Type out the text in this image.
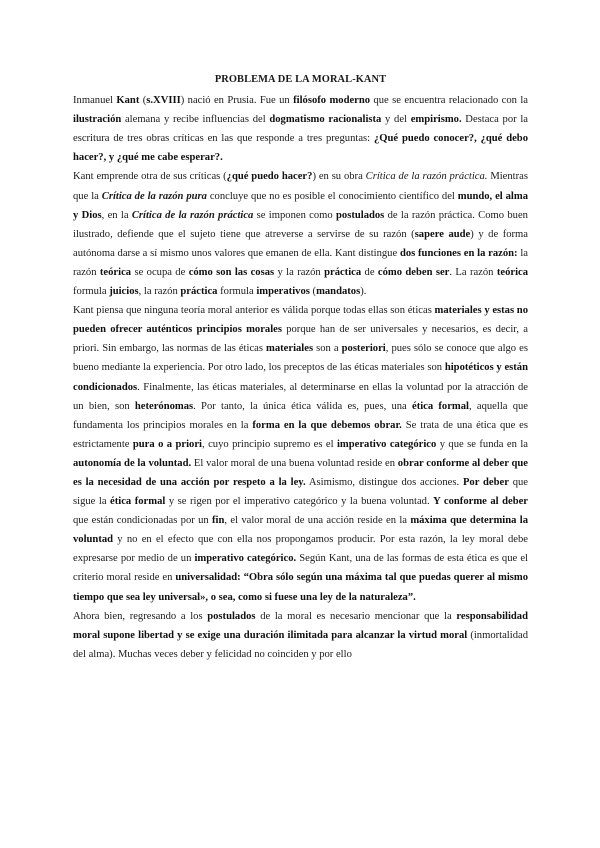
PROBLEMA DE LA MORAL-KANT

Inmanuel Kant (s.XVIII) nació en Prusia. Fue un filósofo moderno que se encuentra relacionado con la ilustración alemana y recibe influencias del dogmatismo racionalista y del empirismo. Destaca por la escritura de tres obras críticas en las que responde a tres preguntas: ¿Qué puedo conocer?, ¿qué debo hacer?, y ¿qué me cabe esperar?.

Kant emprende otra de sus críticas (¿qué puedo hacer?) en su obra Crítica de la razón práctica. Mientras que la Crítica de la razón pura concluye que no es posible el conocimiento científico del mundo, el alma y Dios, en la Crítica de la razón práctica se imponen como postulados de la razón práctica. Como buen ilustrado, defiende que el sujeto tiene que atreverse a servirse de su razón (sapere aude) y de forma autónoma darse a sí mismo unos valores que emanen de ella. Kant distingue dos funciones en la razón: la razón teórica se ocupa de cómo son las cosas y la razón práctica de cómo deben ser. La razón teórica formula juicios, la razón práctica formula imperativos (mandatos).

Kant piensa que ninguna teoría moral anterior es válida porque todas ellas son éticas materiales y estas no pueden ofrecer auténticos principios morales porque han de ser universales y necesarios, es decir, a priori. Sin embargo, las normas de las éticas materiales son a posteriori, pues sólo se conoce que algo es bueno mediante la experiencia. Por otro lado, los preceptos de las éticas materiales son hipotéticos y están condicionados. Finalmente, las éticas materiales, al determinarse en ellas la voluntad por la atracción de un bien, son heterónomas. Por tanto, la única ética válida es, pues, una ética formal, aquella que fundamenta los principios morales en la forma en la que debemos obrar. Se trata de una ética que es estrictamente pura o a priori, cuyo principio supremo es el imperativo categórico y que se funda en la autonomía de la voluntad. El valor moral de una buena voluntad reside en obrar conforme al deber que es la necesidad de una acción por respeto a la ley. Asimismo, distingue dos acciones. Por deber que sigue la ética formal y se rigen por el imperativo categórico y la buena voluntad. Y conforme al deber que están condicionadas por un fin, el valor moral de una acción reside en la máxima que determina la voluntad y no en el efecto que con ella nos propongamos producir. Por esta razón, la ley moral debe expresarse por medio de un imperativo categórico. Según Kant, una de las formas de esta ética es que el criterio moral reside en universalidad: “Obra sólo según una máxima tal que puedas querer al mismo tiempo que sea ley universal», o sea, como si fuese una ley de la naturaleza”.

Ahora bien, regresando a los postulados de la moral es necesario mencionar que la responsabilidad moral supone libertad y se exige una duración ilimitada para alcanzar la virtud moral (inmortalidad del alma). Muchas veces deber y felicidad no coinciden y por ello
